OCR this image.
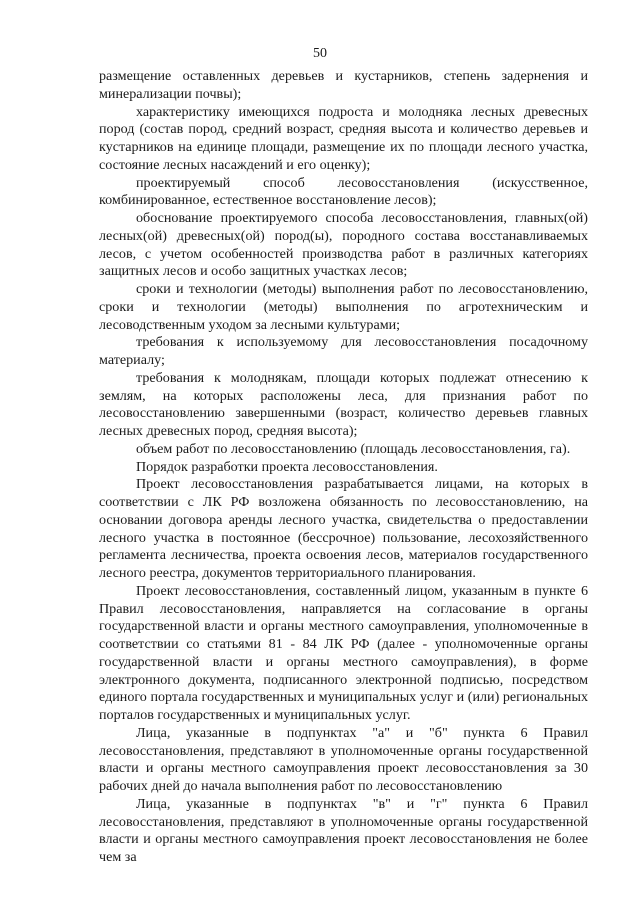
50

размещение оставленных деревьев и кустарников, степень задернения и минерализации почвы);

характеристику имеющихся подроста и молодняка лесных древесных пород (состав пород, средний возраст, средняя высота и количество деревьев и кустарников на единице площади, размещение их по площади лесного участка, состояние лесных насаждений и его оценку);

проектируемый способ лесовосстановления (искусственное, комбинированное, естественное восстановление лесов);

обоснование проектируемого способа лесовосстановления, главных(ой) лесных(ой) древесных(ой) пород(ы), породного состава восстанавливаемых лесов, с учетом особенностей производства работ в различных категориях защитных лесов и особо защитных участках лесов;

сроки и технологии (методы) выполнения работ по лесовосстановлению, сроки и технологии (методы) выполнения по агротехническим и лесоводственным уходом за лесными культурами;

требования к используемому для лесовосстановления посадочному материалу;

требования к молоднякам, площади которых подлежат отнесению к землям, на которых расположены леса, для признания работ по лесовосстановлению завершенными (возраст, количество деревьев главных лесных древесных пород, средняя высота);

объем работ по лесовосстановлению (площадь лесовосстановления, га).

Порядок разработки проекта лесовосстановления.

Проект лесовосстановления разрабатывается лицами, на которых в соответствии с ЛК РФ возложена обязанность по лесовосстановлению, на основании договора аренды лесного участка, свидетельства о предоставлении лесного участка в постоянное (бессрочное) пользование, лесохозяйственного регламента лесничества, проекта освоения лесов, материалов государственного лесного реестра, документов территориального планирования.

Проект лесовосстановления, составленный лицом, указанным в пункте 6 Правил лесовосстановления, направляется на согласование в органы государственной власти и органы местного самоуправления, уполномоченные в соответствии со статьями 81 - 84 ЛК РФ (далее - уполномоченные органы государственной власти и органы местного самоуправления), в форме электронного документа, подписанного электронной подписью, посредством единого портала государственных и муниципальных услуг и (или) региональных порталов государственных и муниципальных услуг.

Лица, указанные в подпунктах "а" и "б" пункта 6 Правил лесовосстановления, представляют в уполномоченные органы государственной власти и органы местного самоуправления проект лесовосстановления за 30 рабочих дней до начала выполнения работ по лесовосстановлению

Лица, указанные в подпунктах "в" и "г" пункта 6 Правил лесовосстановления, представляют в уполномоченные органы государственной власти и органы местного самоуправления проект лесовосстановления не более чем за
